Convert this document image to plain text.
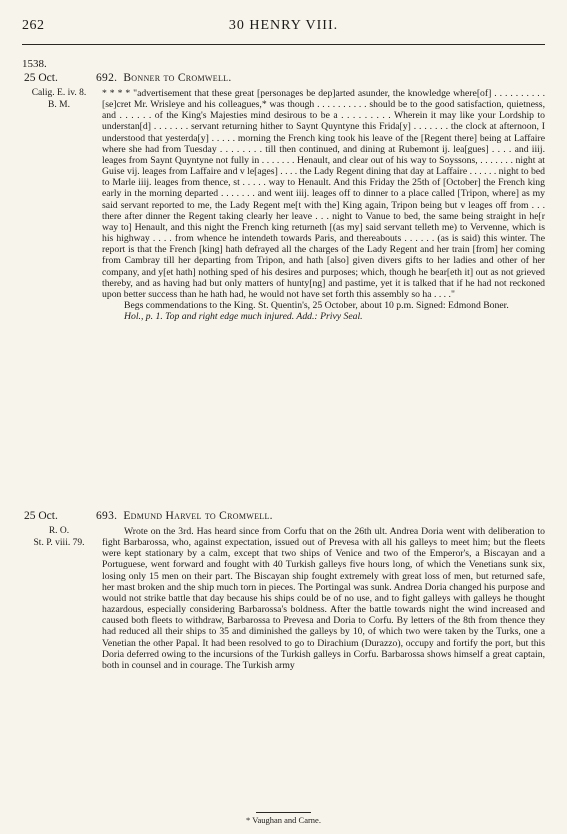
262	30 HENRY VIII.
1538.
25 Oct.	692. Bonner to Cromwell.
Calig. E. iv. 8.
B. M.

* * * * "advertisement that these great [personages be dep]arted asunder, the knowledge where[of] . . . . . . . . . . [se]cret Mr. Wrisleye and his colleagues,* was though . . . . . . . . . . should be to the good satisfaction, quietness, and . . . . . . of the King's Majesties mind desirous to be a . . . . . . . . . Wherein it may like your Lordship to understan[d] . . . . . . . servant returning hither to Saynt Quyntyne this Frida[y] . . . . . . . the clock at afternoon, I understood that yesterda[y] . . . . . morning the French king took his leave of the [Regent there] being at Laffaire where she had from Tuesday . . . . . . . . till then continued, and dining at Rubemont ij. lea[gues] . . . . and iiij. leages from Saynt Quyntyne not fully in . . . . . . . Henault, and clear out of his way to Soyssons, . . . . . . . night at Guise vij. leages from Laffaire and v le[ages] . . . . the Lady Regent dining that day at Laffaire . . . . . . night to bed to Marle iiij. leages from thence, st . . . . . way to Henault. And this Friday the 25th of [October] the French king early in the morning departed . . . . . . . and went iiij. leages off to dinner to a place called [Tripon, where] as my said servant reported to me, the Lady Regent me[t with the] King again, Tripon being but v leages off from . . . there after dinner the Regent taking clearly her leave . . . night to Vanue to bed, the same being straight in he[r way to] Henault, and this night the French king returneth [(as my] said servant telleth me) to Vervenne, which is his highway . . . . from whence he intendeth towards Paris, and thereabouts . . . . . . (as is said) this winter. The report is that the French [king] hath defrayed all the charges of the Lady Regent and her train [from] her coming from Cambray till her departing from Tripon, and hath [also] given divers gifts to her ladies and other of her company, and y[et hath] nothing sped of his desires and purposes; which, though he bear[eth it] out as not grieved thereby, and as having had but only matters of hunty[ng] and pastime, yet it is talked that if he had not reckoned upon better success than he hath had, he would not have set forth this assembly so ha . . . ."

Begs commendations to the King. St. Quentin's, 25 October, about 10 p.m. Signed: Edmond Boner.

Hol., p. 1. Top and right edge much injured. Add.: Privy Seal.

25 Oct.	693. Edmund Harvel to Cromwell.
R. O.
St. P. viii. 79.

Wrote on the 3rd. Has heard since from Corfu that on the 26th ult. Andrea Doria went with deliberation to fight Barbarossa, who, against expectation, issued out of Prevesa with all his galleys to meet him; but the fleets were kept stationary by a calm, except that two ships of Venice and two of the Emperor's, a Biscayan and a Portuguese, went forward and fought with 40 Turkish galleys five hours long, of which the Venetians sunk six, losing only 15 men on their part. The Biscayan ship fought extremely with great loss of men, but returned safe, her mast broken and the ship much torn in pieces. The Portingal was sunk. Andrea Doria changed his purpose and would not strike battle that day because his ships could be of no use, and to fight galleys with galleys he thought hazardous, especially considering Barbarossa's boldness. After the battle towards night the wind increased and caused both fleets to withdraw, Barbarossa to Prevesa and Doria to Corfu. By letters of the 8th from thence they had reduced all their ships to 35 and diminished the galleys by 10, of which two were taken by the Turks, one a Venetian the other Papal. It had been resolved to go to Dirachium (Durazzo), occupy and fortify the port, but this Doria deferred owing to the incursions of the Turkish galleys in Corfu. Barbarossa shows himself a great captain, both in counsel and in courage. The Turkish army

* Vaughan and Carne.
